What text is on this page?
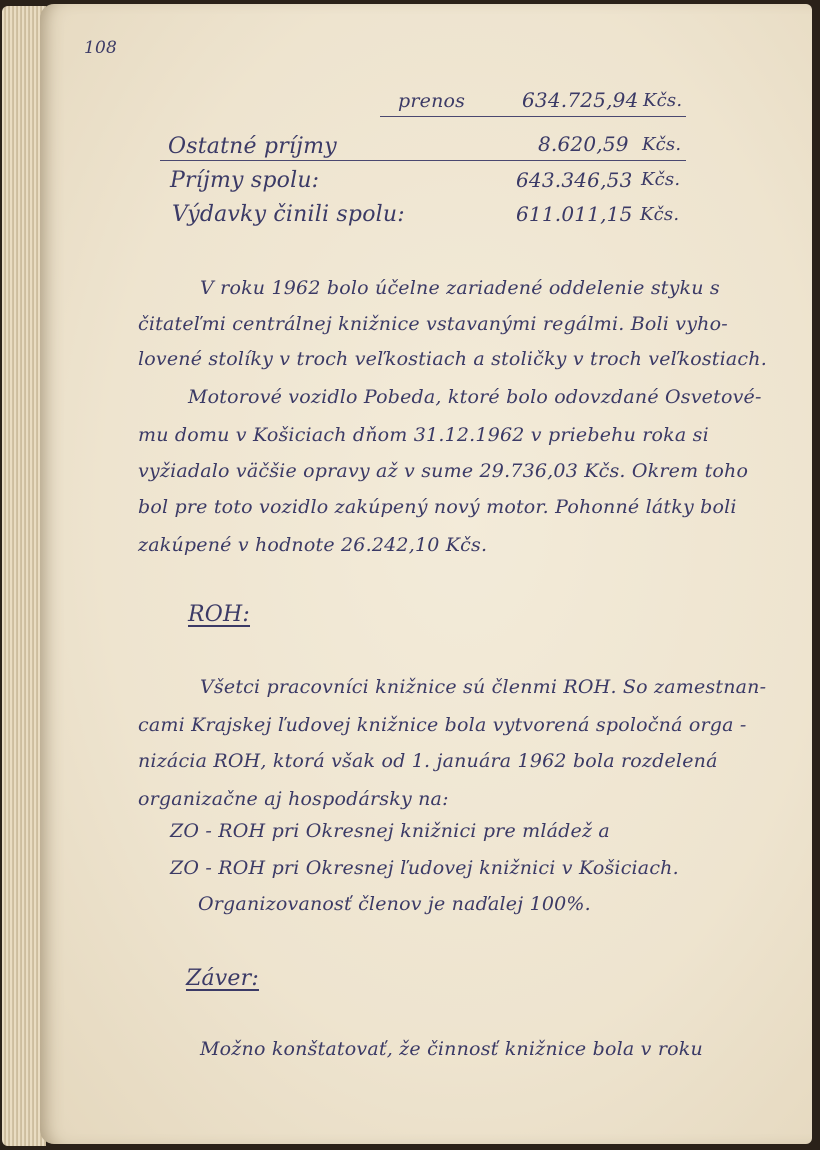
108
prenos	634.725,94 Kčs.
Ostatné príjmy	8.620,59 Kčs.
Príjmy spolu:	643.346,53 Kčs.
Výdavky činili spolu:	611.011,15 Kčs.
V roku 1962 bolo účelne zariadené oddelenie styku s
čitateľmi centrálnej knižnice vstavanými regálmi. Boli vyho-
lovené stolíky v troch veľkostiach a stoličky v troch veľkostiach.
Motorové vozidlo Pobeda, ktoré bolo odovzdané Osvetové-
mu domu v Košiciach dňom 31.12.1962 v priebehu roka si
vyžiadalo väčšie opravy až v sume 29.736,03 Kčs. Okrem toho
bol pre toto vozidlo zakúpený nový motor. Pohonné látky boli
zakúpené v hodnote 26.242,10 Kčs.
ROH:
Všetci pracovníci knižnice sú členmi ROH. So zamestnan-
cami Krajskej ľudovej knižnice bola vytvorená spoločná orga -
nizácia ROH, ktorá však od 1. januára 1962 bola rozdelená
organizačne aj hospodársky na:
ZO - ROH pri Okresnej knižnici pre mládež a
ZO - ROH pri Okresnej ľudovej knižnici v Košiciach.
Organizovanosť členov je naďalej 100%.
Záver:
Možno konštatovať, že činnosť knižnice bola v roku
